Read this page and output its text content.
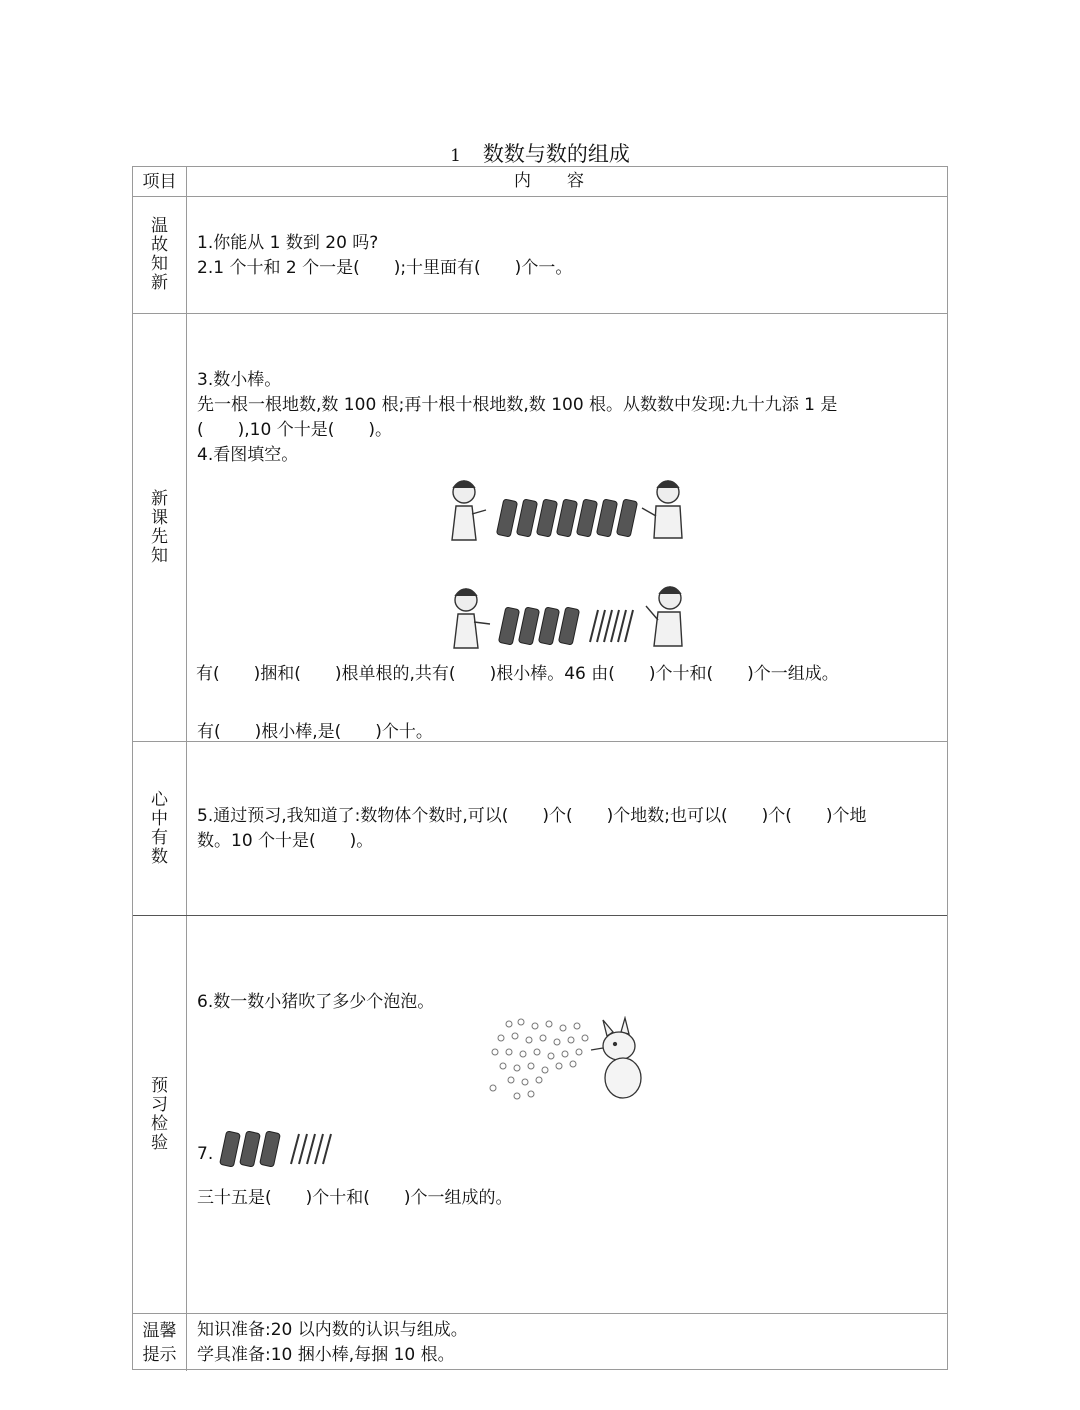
1 数数与数的组成
项目	内容
温故知新

1.你能从 1 数到 20 吗?

2.1 个十和 2 个一是(　　);十里面有(　　)个一。

新课先知

3.数小棒。

先一根一根地数,数 100 根;再十根十根地数,数 100 根。从数数中发现:九十九添 1 是

(　　),10 个十是(　　)。

4.看图填空。

有(　　)根小棒,是(　　)个十。

心中有数

5.通过预习,我知道了:数物体个数时,可以(　　)个(　　)个地数;也可以(　　)个(　　)个地

数。10 个十是(　　)。

预习检验

6.数一数小猪吹了多少个泡泡。

7.

三十五是(　　)个十和(　　)个一组成的。

温馨提示

知识准备:20 以内数的认识与组成。

学具准备:10 捆小棒,每捆 10 根。

有(　　)捆和(　　)根单根的,共有(　　)根小棒。46 由(　　)个十和(　　)个一组成。
